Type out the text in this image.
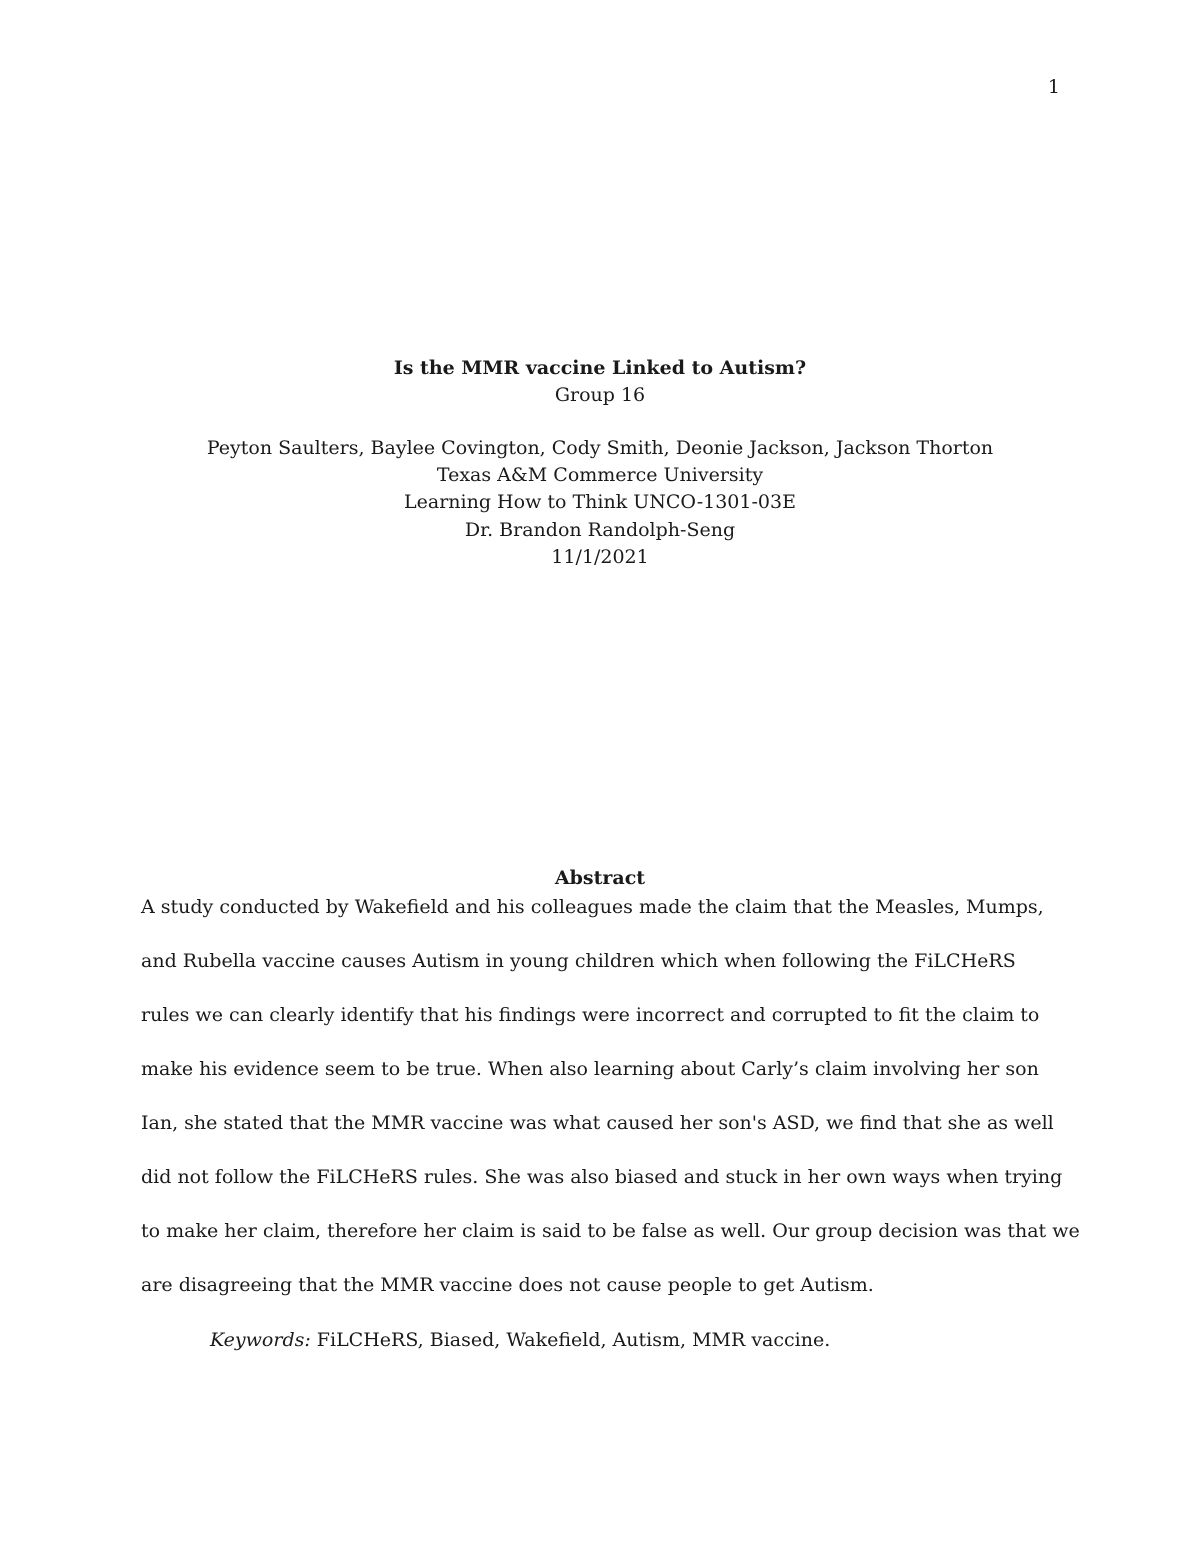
1
Is the MMR vaccine Linked to Autism?
Group 16
Peyton Saulters, Baylee Covington, Cody Smith, Deonie Jackson, Jackson Thorton
Texas A&M Commerce University
Learning How to Think UNCO-1301-03E
Dr. Brandon Randolph-Seng
11/1/2021
Abstract
A study conducted by Wakefield and his colleagues made the claim that the Measles, Mumps,
and Rubella vaccine causes Autism in young children which when following the FiLCHeRS
rules we can clearly identify that his findings were incorrect and corrupted to fit the claim to
make his evidence seem to be true. When also learning about Carly’s claim involving her son
Ian, she stated that the MMR vaccine was what caused her son's ASD, we find that she as well
did not follow the FiLCHeRS rules. She was also biased and stuck in her own ways when trying
to make her claim, therefore her claim is said to be false as well. Our group decision was that we
are disagreeing that the MMR vaccine does not cause people to get Autism.
Keywords: FiLCHeRS, Biased, Wakefield, Autism, MMR vaccine.
